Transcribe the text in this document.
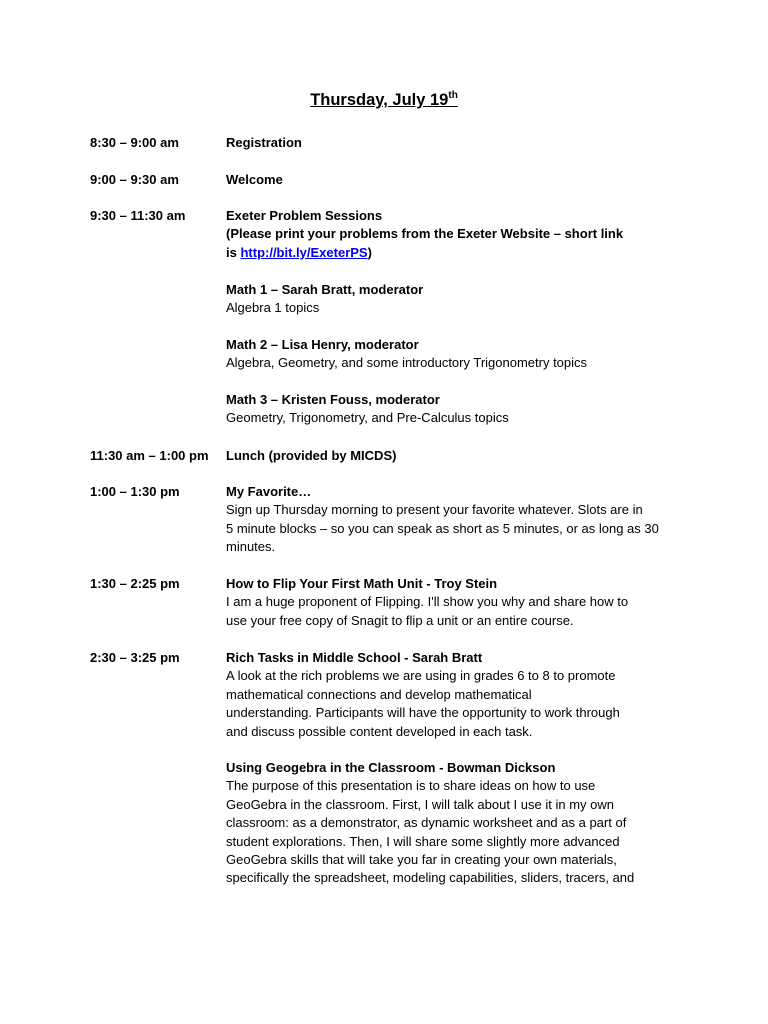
Thursday, July 19th
8:30 – 9:00 am	Registration

9:00 – 9:30 am	Welcome

9:30 – 11:30 am	Exeter Problem Sessions

(Please print your problems from the Exeter Website – short link

is http://bit.ly/ExeterPS)

Math 1 – Sarah Bratt, moderator

Algebra 1 topics

Math 2 – Lisa Henry, moderator

Algebra, Geometry, and some introductory Trigonometry topics

Math 3 – Kristen Fouss, moderator

Geometry, Trigonometry, and Pre-Calculus topics

11:30 am – 1:00 pm	Lunch (provided by MICDS)

1:00 – 1:30 pm	My Favorite…

Sign up Thursday morning to present your favorite whatever. Slots are in

5 minute blocks – so you can speak as short as 5 minutes, or as long as 30

minutes.

1:30 – 2:25 pm	How to Flip Your First Math Unit - Troy Stein

I am a huge proponent of Flipping. I'll show you why and share how to

use your free copy of Snagit to flip a unit or an entire course.

2:30 – 3:25 pm	Rich Tasks in Middle School - Sarah Bratt

A look at the rich problems we are using in grades 6 to 8 to promote

mathematical connections and develop mathematical

understanding. Participants will have the opportunity to work through

and discuss possible content developed in each task.

Using Geogebra in the Classroom - Bowman Dickson

The purpose of this presentation is to share ideas on how to use

GeoGebra in the classroom. First, I will talk about I use it in my own

classroom: as a demonstrator, as dynamic worksheet and as a part of

student explorations. Then, I will share some slightly more advanced

GeoGebra skills that will take you far in creating your own materials,

specifically the spreadsheet, modeling capabilities, sliders, tracers, and
